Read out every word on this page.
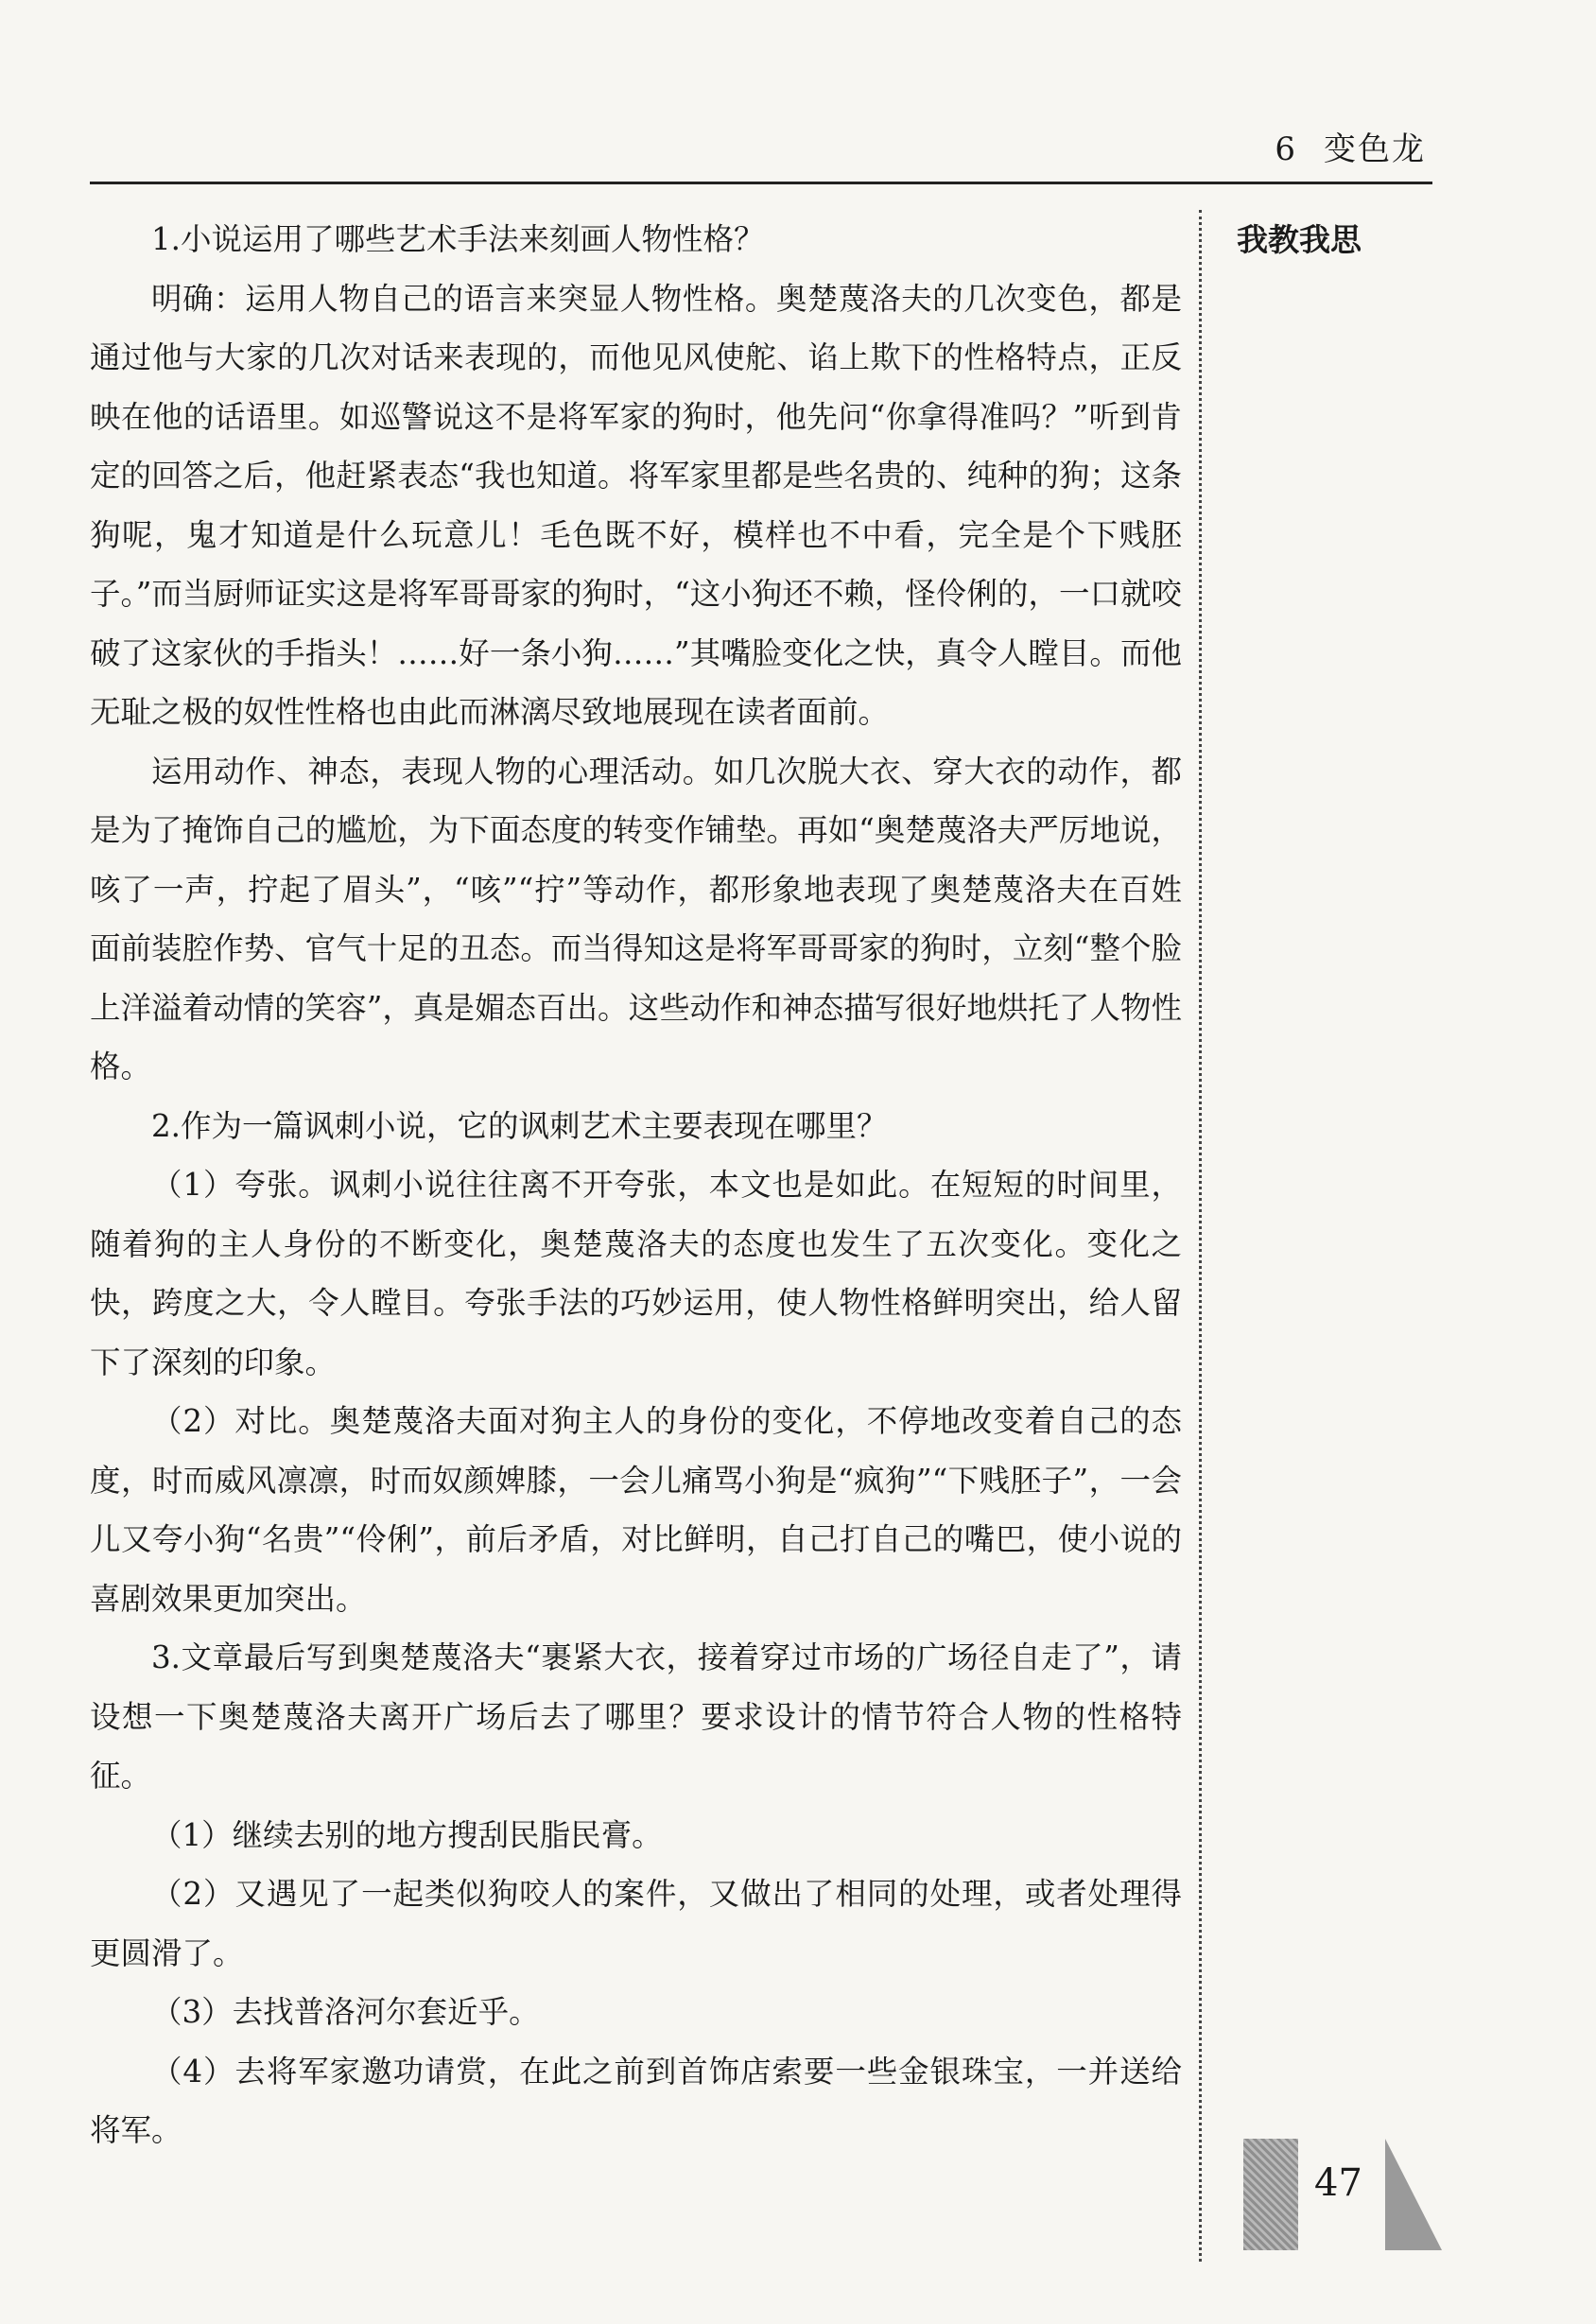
6 变色龙
我教我思

1.小说运用了哪些艺术手法来刻画人物性格？

明确：运用人物自己的语言来突显人物性格。奥楚蔑洛夫的几次变色，都是通过他与大家的几次对话来表现的，而他见风使舵、谄上欺下的性格特点，正反映在他的话语里。如巡警说这不是将军家的狗时，他先问“你拿得准吗？”听到肯定的回答之后，他赶紧表态“我也知道。将军家里都是些名贵的、纯种的狗；这条狗呢，鬼才知道是什么玩意儿！毛色既不好，模样也不中看，完全是个下贱胚子。”而当厨师证实这是将军哥哥家的狗时，“这小狗还不赖，怪伶俐的，一口就咬破了这家伙的手指头！……好一条小狗……”其嘴脸变化之快，真令人瞠目。而他无耻之极的奴性性格也由此而淋漓尽致地展现在读者面前。

运用动作、神态，表现人物的心理活动。如几次脱大衣、穿大衣的动作，都是为了掩饰自己的尴尬，为下面态度的转变作铺垫。再如“奥楚蔑洛夫严厉地说，咳了一声，拧起了眉头”，“咳”“拧”等动作，都形象地表现了奥楚蔑洛夫在百姓面前装腔作势、官气十足的丑态。而当得知这是将军哥哥家的狗时，立刻“整个脸上洋溢着动情的笑容”，真是媚态百出。这些动作和神态描写很好地烘托了人物性格。

2.作为一篇讽刺小说，它的讽刺艺术主要表现在哪里？

（1）夸张。讽刺小说往往离不开夸张，本文也是如此。在短短的时间里，随着狗的主人身份的不断变化，奥楚蔑洛夫的态度也发生了五次变化。变化之快，跨度之大，令人瞠目。夸张手法的巧妙运用，使人物性格鲜明突出，给人留下了深刻的印象。

（2）对比。奥楚蔑洛夫面对狗主人的身份的变化，不停地改变着自己的态度，时而威风凛凛，时而奴颜婢膝，一会儿痛骂小狗是“疯狗”“下贱胚子”，一会儿又夸小狗“名贵”“伶俐”，前后矛盾，对比鲜明，自己打自己的嘴巴，使小说的喜剧效果更加突出。

3.文章最后写到奥楚蔑洛夫“裹紧大衣，接着穿过市场的广场径自走了”，请设想一下奥楚蔑洛夫离开广场后去了哪里？要求设计的情节符合人物的性格特征。

（1）继续去别的地方搜刮民脂民膏。

（2）又遇见了一起类似狗咬人的案件，又做出了相同的处理，或者处理得更圆滑了。

（3）去找普洛河尔套近乎。

（4）去将军家邀功请赏，在此之前到首饰店索要一些金银珠宝，一并送给将军。

47
